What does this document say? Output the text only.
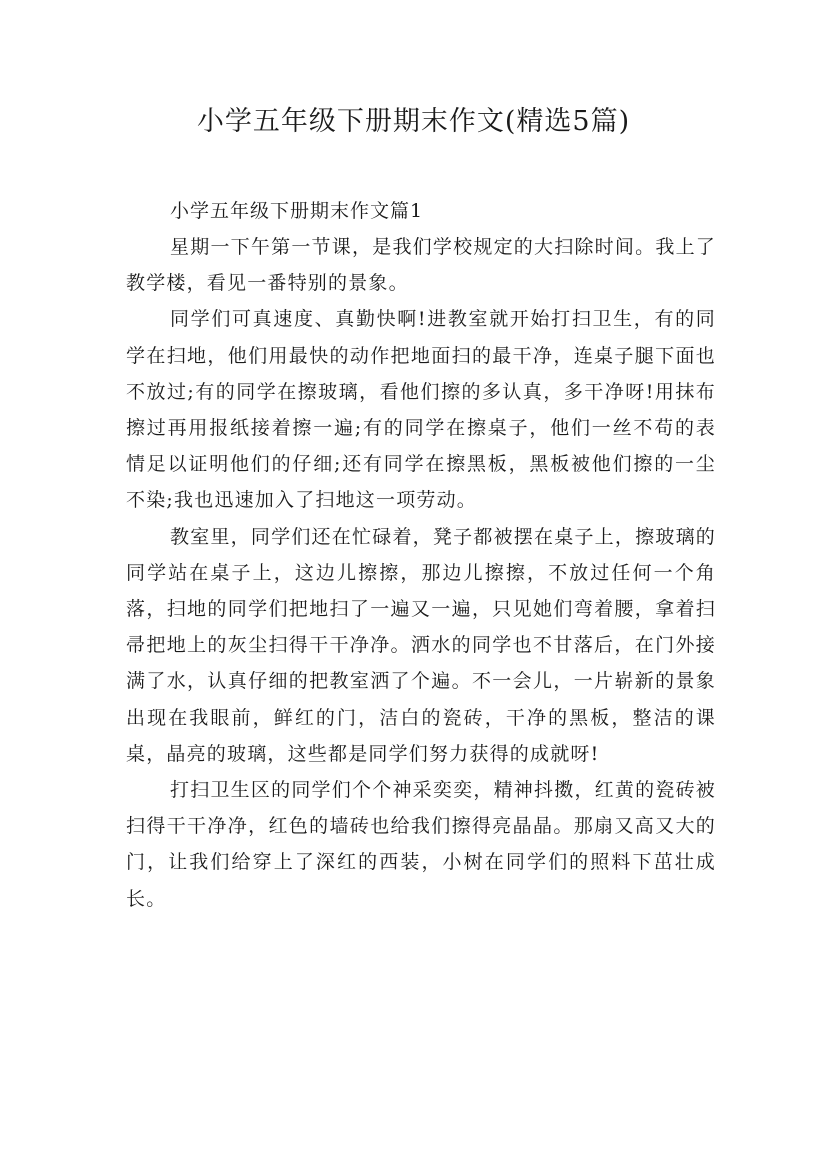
小学五年级下册期末作文(精选5篇)
小学五年级下册期末作文篇1

星期一下午第一节课，是我们学校规定的大扫除时间。我上了教学楼，看见一番特别的景象。

同学们可真速度、真勤快啊!进教室就开始打扫卫生，有的同学在扫地，他们用最快的动作把地面扫的最干净，连桌子腿下面也不放过;有的同学在擦玻璃，看他们擦的多认真，多干净呀!用抹布擦过再用报纸接着擦一遍;有的同学在擦桌子，他们一丝不苟的表情足以证明他们的仔细;还有同学在擦黑板，黑板被他们擦的一尘不染;我也迅速加入了扫地这一项劳动。

教室里，同学们还在忙碌着，凳子都被摆在桌子上，擦玻璃的同学站在桌子上，这边儿擦擦，那边儿擦擦，不放过任何一个角落，扫地的同学们把地扫了一遍又一遍，只见她们弯着腰，拿着扫帚把地上的灰尘扫得干干净净。洒水的同学也不甘落后，在门外接满了水，认真仔细的把教室洒了个遍。不一会儿，一片崭新的景象出现在我眼前，鲜红的门，洁白的瓷砖，干净的黑板，整洁的课桌，晶亮的玻璃，这些都是同学们努力获得的成就呀!

打扫卫生区的同学们个个神采奕奕，精神抖擞，红黄的瓷砖被扫得干干净净，红色的墙砖也给我们擦得亮晶晶。那扇又高又大的门，让我们给穿上了深红的西装，小树在同学们的照料下茁壮成长。
